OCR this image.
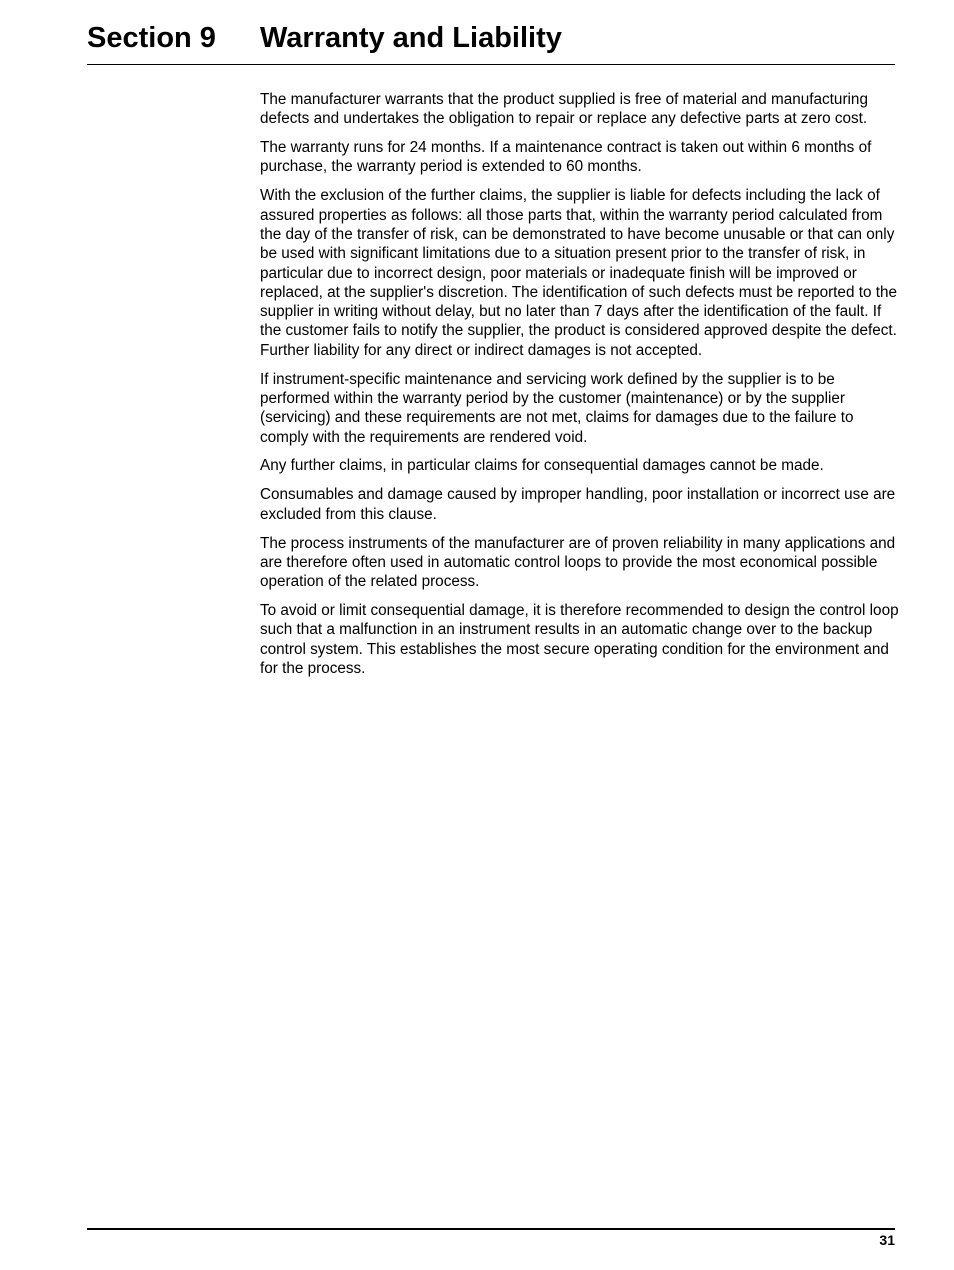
Section 9 Warranty and Liability

The manufacturer warrants that the product supplied is free of material and manufacturing defects and undertakes the obligation to repair or replace any defective parts at zero cost.

The warranty runs for 24 months. If a maintenance contract is taken out within 6 months of purchase, the warranty period is extended to 60 months.

With the exclusion of the further claims, the supplier is liable for defects including the lack of assured properties as follows: all those parts that, within the warranty period calculated from the day of the transfer of risk, can be demonstrated to have become unusable or that can only be used with significant limitations due to a situation present prior to the transfer of risk, in particular due to incorrect design, poor materials or inadequate finish will be improved or replaced, at the supplier's discretion. The identification of such defects must be reported to the supplier in writing without delay, but no later than 7 days after the identification of the fault. If the customer fails to notify the supplier, the product is considered approved despite the defect. Further liability for any direct or indirect damages is not accepted.

If instrument-specific maintenance and servicing work defined by the supplier is to be performed within the warranty period by the customer (maintenance) or by the supplier (servicing) and these requirements are not met, claims for damages due to the failure to comply with the requirements are rendered void.

Any further claims, in particular claims for consequential damages cannot be made.

Consumables and damage caused by improper handling, poor installation or incorrect use are excluded from this clause.

The process instruments of the manufacturer are of proven reliability in many applications and are therefore often used in automatic control loops to provide the most economical possible operation of the related process.

To avoid or limit consequential damage, it is therefore recommended to design the control loop such that a malfunction in an instrument results in an automatic change over to the backup control system. This establishes the most secure operating condition for the environment and for the process.

31
